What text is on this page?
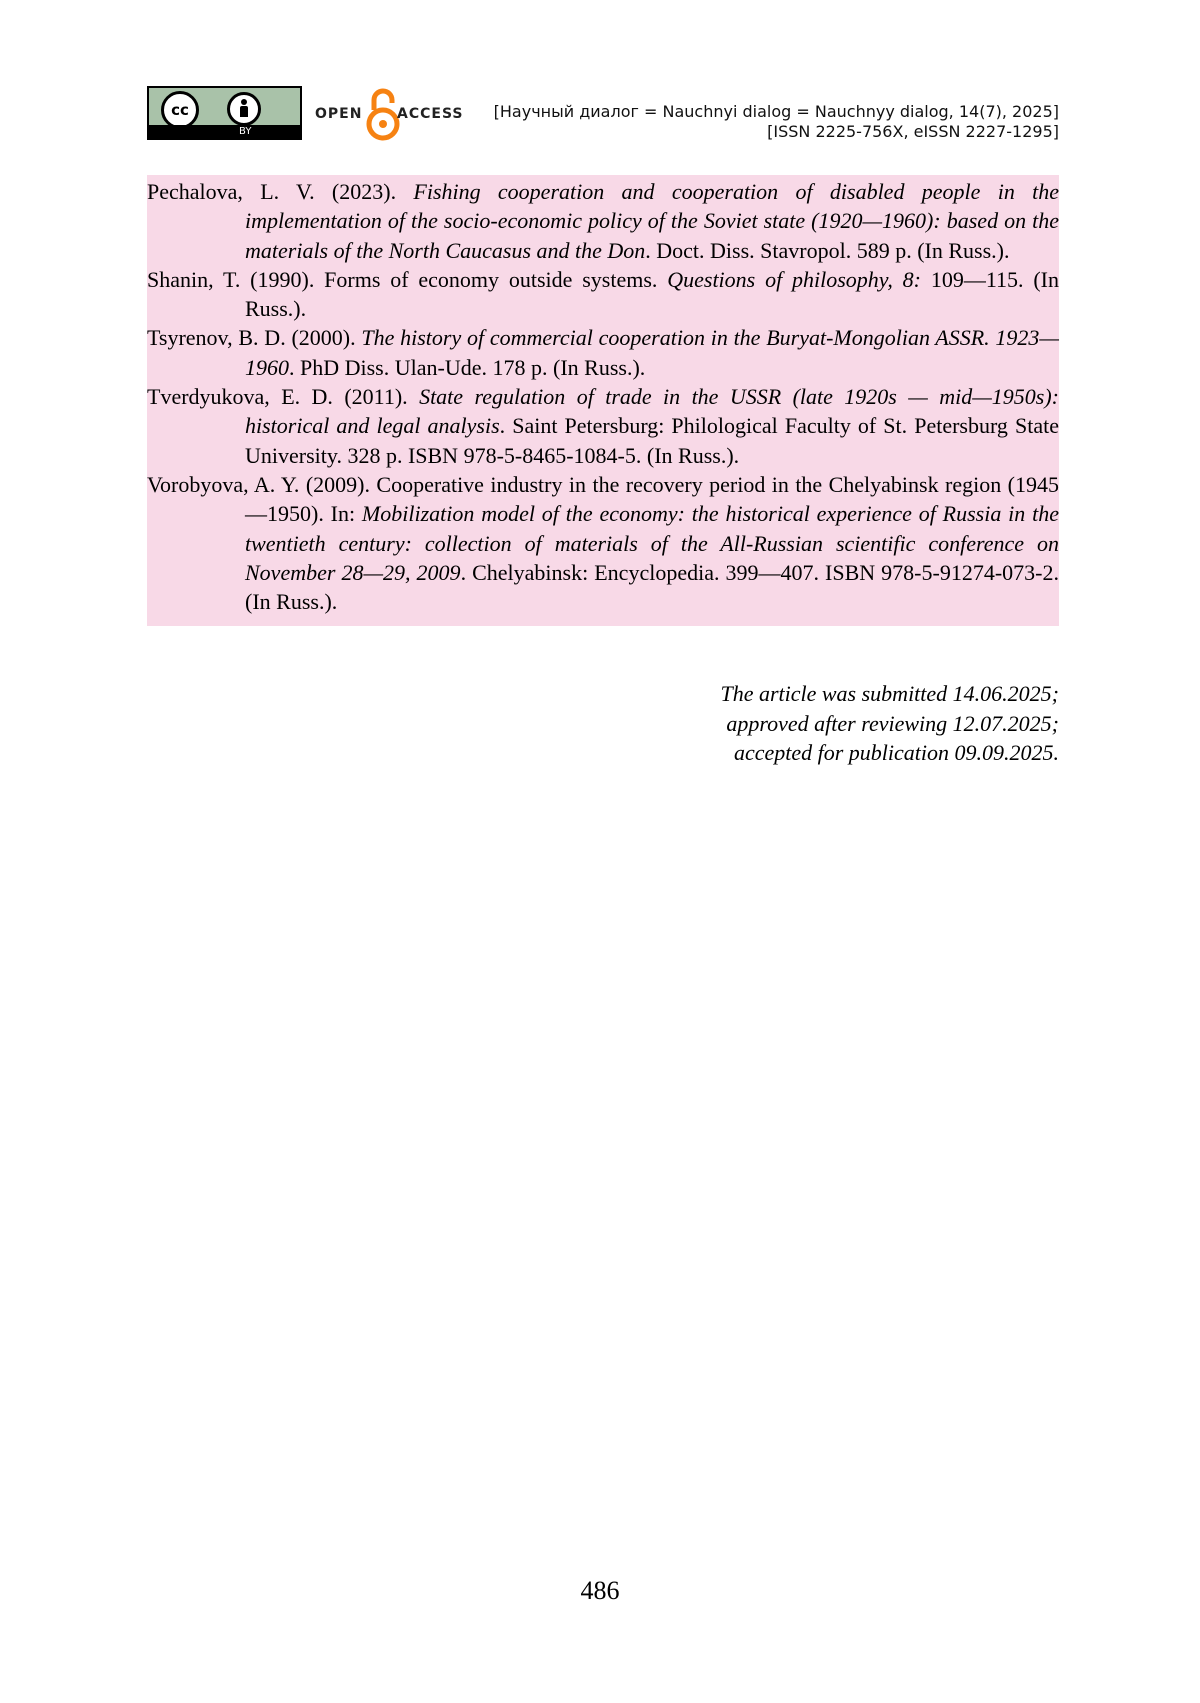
cc
BY
OPEN ACCESS [Научный диалог = Nauchnyi dialog = Nauchnyy dialog, 14(7), 2025]
[ISSN 2225-756X, eISSN 2227-1295]

Pechalova, L. V. (2023). Fishing cooperation and cooperation of disabled people in the implementation of the socio-economic policy of the Soviet state (1920—1960): based on the materials of the North Caucasus and the Don. Doct. Diss. Stavropol. 589 p. (In Russ.).

Shanin, T. (1990). Forms of economy outside systems. Questions of philosophy, 8: 109—115. (In Russ.).

Tsyrenov, B. D. (2000). The history of commercial cooperation in the Buryat-Mongolian ASSR. 1923—1960. PhD Diss. Ulan-Ude. 178 p. (In Russ.).

Tverdyukova, E. D. (2011). State regulation of trade in the USSR (late 1920s — mid—1950s): historical and legal analysis. Saint Petersburg: Philological Faculty of St. Petersburg State University. 328 p. ISBN 978-5-8465-1084-5. (In Russ.).

Vorobyova, A. Y. (2009). Cooperative industry in the recovery period in the Chelyabinsk region (1945—1950). In: Mobilization model of the economy: the historical experience of Russia in the twentieth century: collection of materials of the All-Russian scientific conference on November 28—29, 2009. Chelyabinsk: Encyclopedia. 399—407. ISBN 978-5-91274-073-2. (In Russ.).

The article was submitted 14.06.2025;
approved after reviewing 12.07.2025;
accepted for publication 09.09.2025.
486
